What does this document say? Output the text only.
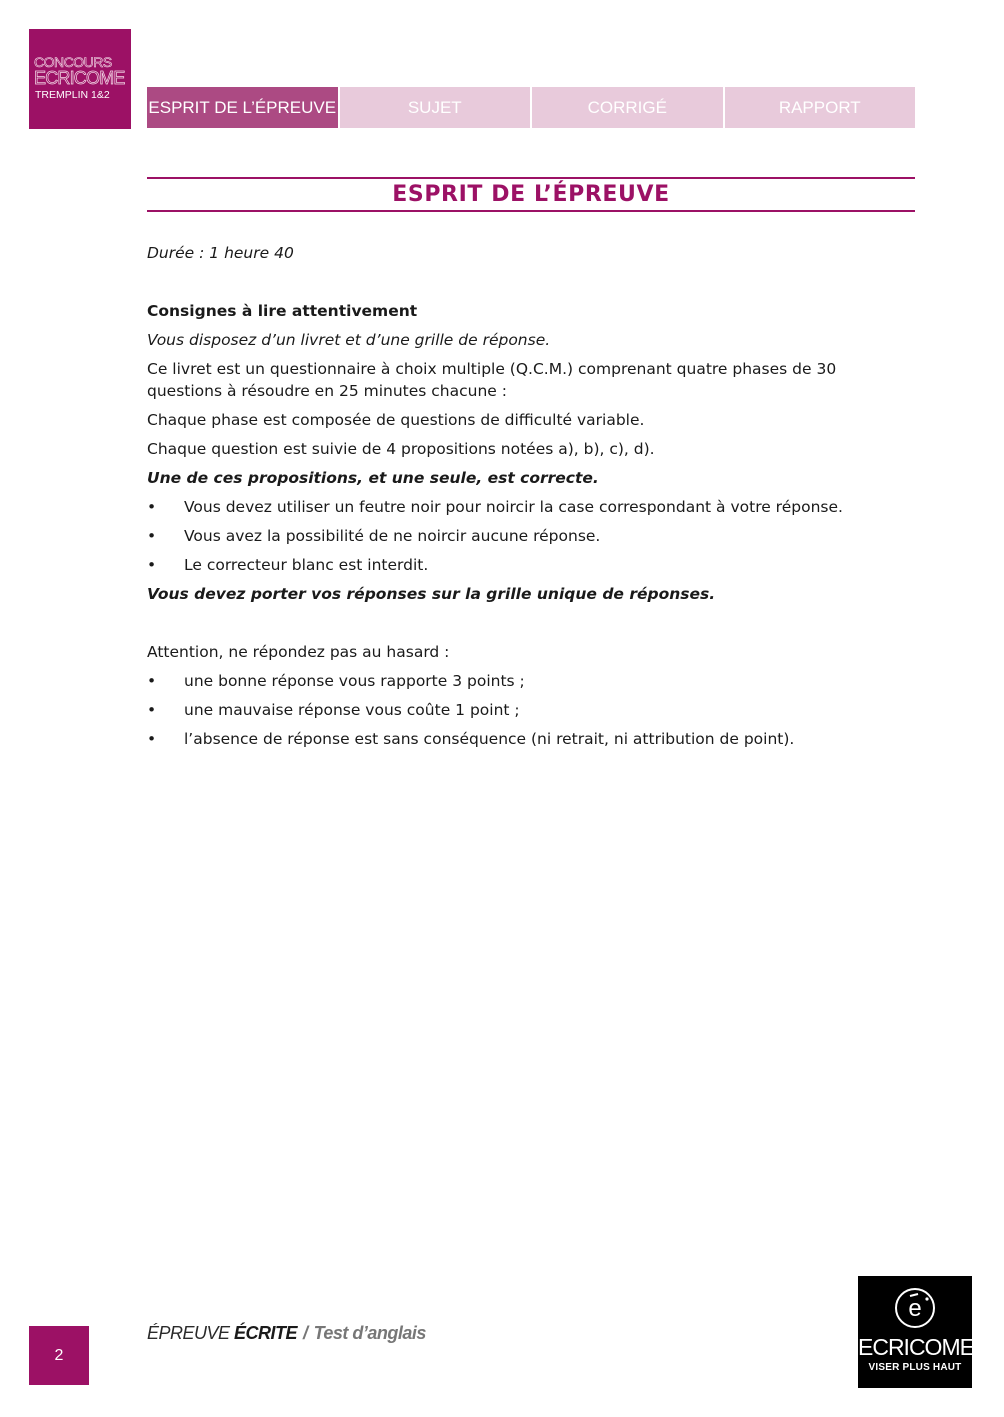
CONCOURS
ECRICOME
TREMPLIN 1&2
ESPRIT DE L’ÉPREUVE	SUJET	CORRIGÉ	RAPPORT
ESPRIT DE L’ÉPREUVE
Durée : 1 heure 40
Consignes à lire attentivement
Vous disposez d’un livret et d’une grille de réponse.
Ce livret est un questionnaire à choix multiple (Q.C.M.) comprenant quatre phases de 30
questions à résoudre en 25 minutes chacune :
Chaque phase est composée de questions de difficulté variable.
Chaque question est suivie de 4 propositions notées a), b), c), d).
Une de ces propositions, et une seule, est correcte.
• Vous devez utiliser un feutre noir pour noircir la case correspondant à votre réponse.
• Vous avez la possibilité de ne noircir aucune réponse.
• Le correcteur blanc est interdit.
Vous devez porter vos réponses sur la grille unique de réponses.
Attention, ne répondez pas au hasard :
• une bonne réponse vous rapporte 3 points ;
• une mauvaise réponse vous coûte 1 point ;
• l’absence de réponse est sans conséquence (ni retrait, ni attribution de point).
2
ÉPREUVE ÉCRITE / Test d’anglais
e
ECRICOME
VISER PLUS HAUT
